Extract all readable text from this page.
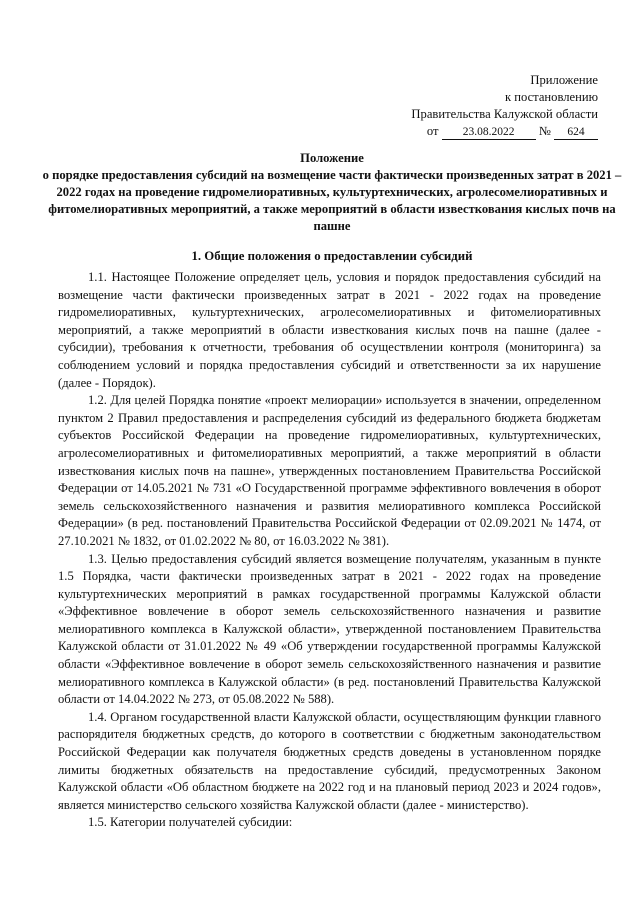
Приложение
к постановлению
Правительства Калужской области
от 23.08.2022 № 624
Положение
о порядке предоставления субсидий на возмещение части фактически произведенных затрат в 2021 – 2022 годах на проведение гидромелиоративных, культуртехнических, агролесомелиоративных и фитомелиоративных мероприятий, а также мероприятий в области известкования кислых почв на пашне
1. Общие положения о предоставлении субсидий

1.1. Настоящее Положение определяет цель, условия и порядок предоставления субсидий на возмещение части фактически произведенных затрат в 2021 - 2022 годах на проведение гидромелиоративных, культуртехнических, агролесомелиоративных и фитомелиоративных мероприятий, а также мероприятий в области известкования кислых почв на пашне (далее - субсидии), требования к отчетности, требования об осуществлении контроля (мониторинга) за соблюдением условий и порядка предоставления субсидий и ответственности за их нарушение (далее - Порядок).

1.2. Для целей Порядка понятие «проект мелиорации» используется в значении, определенном пунктом 2 Правил предоставления и распределения субсидий из федерального бюджета бюджетам субъектов Российской Федерации на проведение гидромелиоративных, культуртехнических, агролесомелиоративных и фитомелиоративных мероприятий, а также мероприятий в области известкования кислых почв на пашне», утвержденных постановлением Правительства Российской Федерации от 14.05.2021 № 731 «О Государственной программе эффективного вовлечения в оборот земель сельскохозяйственного назначения и развития мелиоративного комплекса Российской Федерации» (в ред. постановлений Правительства Российской Федерации от 02.09.2021 № 1474, от 27.10.2021 № 1832, от 01.02.2022 № 80, от 16.03.2022 № 381).

1.3. Целью предоставления субсидий является возмещение получателям, указанным в пункте 1.5 Порядка, части фактически произведенных затрат в 2021 - 2022 годах на проведение культуртехнических мероприятий в рамках государственной программы Калужской области «Эффективное вовлечение в оборот земель сельскохозяйственного назначения и развитие мелиоративного комплекса в Калужской области», утвержденной постановлением Правительства Калужской области от 31.01.2022 № 49 «Об утверждении государственной программы Калужской области «Эффективное вовлечение в оборот земель сельскохозяйственного назначения и развитие мелиоративного комплекса в Калужской области» (в ред. постановлений Правительства Калужской области от 14.04.2022 № 273, от 05.08.2022 № 588).

1.4. Органом государственной власти Калужской области, осуществляющим функции главного распорядителя бюджетных средств, до которого в соответствии с бюджетным законодательством Российской Федерации как получателя бюджетных средств доведены в установленном порядке лимиты бюджетных обязательств на предоставление субсидий, предусмотренных Законом Калужской области «Об областном бюджете на 2022 год и на плановый период 2023 и 2024 годов», является министерство сельского хозяйства Калужской области (далее - министерство).

1.5. Категории получателей субсидии:
